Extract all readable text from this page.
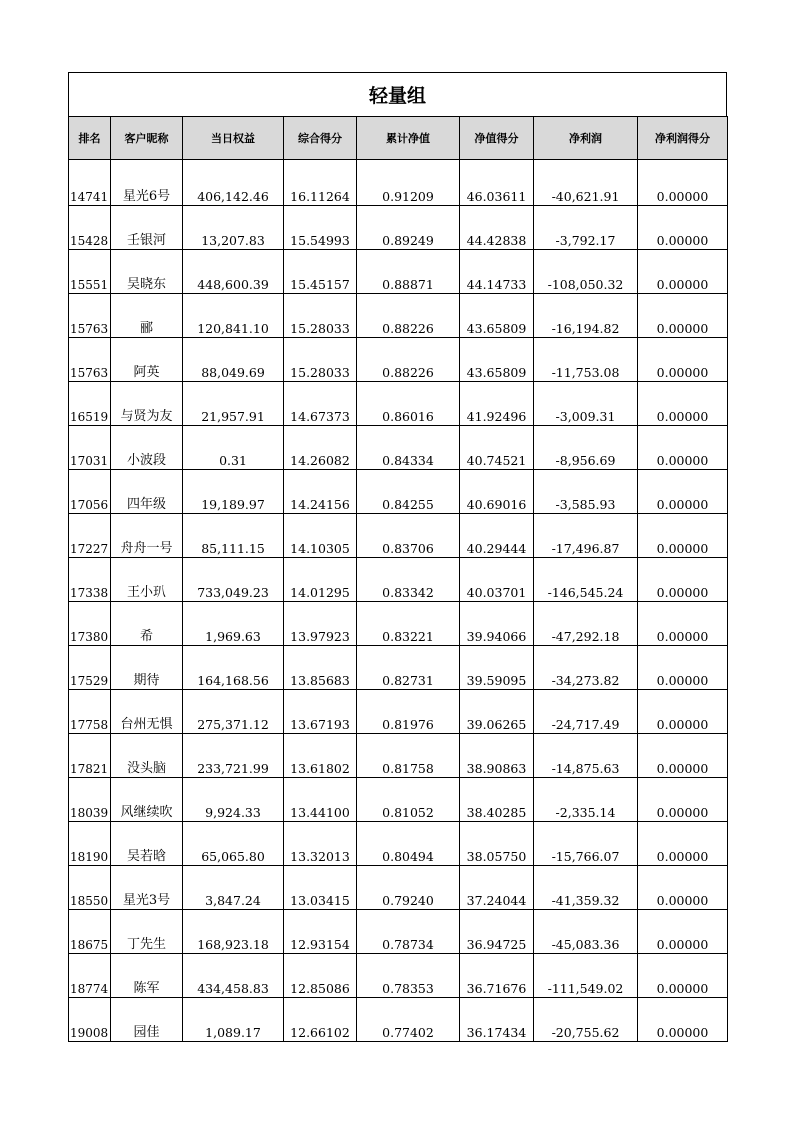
轻量组
排名	客户昵称	当日权益	综合得分	累计净值	净值得分	净利润	净利润得分
14741	星光6号	406,142.46	16.11264	0.91209	46.03611	-40,621.91	0.00000
15428	壬银河	13,207.83	15.54993	0.89249	44.42838	-3,792.17	0.00000
15551	吴晓东	448,600.39	15.45157	0.88871	44.14733	-108,050.32	0.00000
15763	郦	120,841.10	15.28033	0.88226	43.65809	-16,194.82	0.00000
15763	阿英	88,049.69	15.28033	0.88226	43.65809	-11,753.08	0.00000
16519	与贤为友	21,957.91	14.67373	0.86016	41.92496	-3,009.31	0.00000
17031	小波段	0.31	14.26082	0.84334	40.74521	-8,956.69	0.00000
17056	四年级	19,189.97	14.24156	0.84255	40.69016	-3,585.93	0.00000
17227	舟舟一号	85,111.15	14.10305	0.83706	40.29444	-17,496.87	0.00000
17338	王小玐	733,049.23	14.01295	0.83342	40.03701	-146,545.24	0.00000
17380	希	1,969.63	13.97923	0.83221	39.94066	-47,292.18	0.00000
17529	期待	164,168.56	13.85683	0.82731	39.59095	-34,273.82	0.00000
17758	台州无惧	275,371.12	13.67193	0.81976	39.06265	-24,717.49	0.00000
17821	没头脑	233,721.99	13.61802	0.81758	38.90863	-14,875.63	0.00000
18039	风继续吹	9,924.33	13.44100	0.81052	38.40285	-2,335.14	0.00000
18190	吴若晗	65,065.80	13.32013	0.80494	38.05750	-15,766.07	0.00000
18550	星光3号	3,847.24	13.03415	0.79240	37.24044	-41,359.32	0.00000
18675	丁先生	168,923.18	12.93154	0.78734	36.94725	-45,083.36	0.00000
18774	陈军	434,458.83	12.85086	0.78353	36.71676	-111,549.02	0.00000
19008	园佳	1,089.17	12.66102	0.77402	36.17434	-20,755.62	0.00000
